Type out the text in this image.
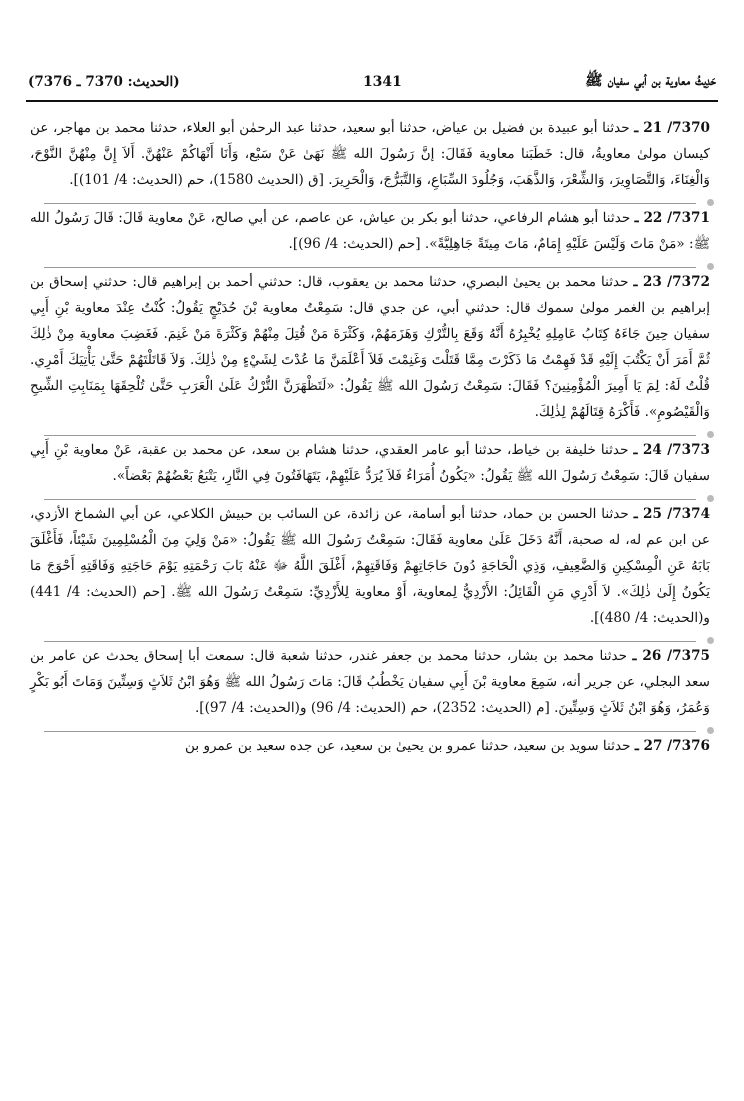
(الحديث: 7370 ـ 7376)	1341	حَدِيثُ معاوية بن أبي سفيان ﷺ
7370/ 21 ـ حدثنا أبو عبيدة بن فضيل بن عياض، حدثنا أبو سعيد، حدثنا عبد الرحمٰن أبو العلاء، حدثنا محمد بن مهاجر، عن كيسان مولىٰ معاويةُ، قال: خَطَبَنا معاوية فَقَالَ: إنَّ رَسُولَ الله ﷺ نَهَىٰ عَنْ سَبْع، وَأَنَا أَنْهَاكُمْ عَنْهُنَّ. أَلاَ إِنَّ مِنْهُنَّ النَّوْحَ، وَالْغِنَاءَ، وَالتَّصَاوِيرَ، وَالشِّعْرَ، وَالذَّهَبَ، وَجُلُودَ السِّبَاعِ، وَالتَّبَرُّجَ، وَالْحَرِيرَ. [ق (الحديث 1580)، حم (الحديث: 4/ 101)].
7371/ 22 ـ حدثنا أبو هشام الرفاعي، حدثنا أبو بكر بن عياش، عن عاصم، عن أبي صالح، عَنْ معاوية قَالَ: قَالَ رَسُولُ الله ﷺ: «مَنْ مَاتَ وَلَيْسَ عَلَيْهِ إِمَامٌ، مَاتَ مِيتَةً جَاهِلِيَّةً». [حم (الحديث: 4/ 96)].
7372/ 23 ـ حدثنا محمد بن يحيىٰ البصري، حدثنا محمد بن يعقوب، قال: حدثني أحمد بن إبراهيم قال: حدثني إسحاق بن إبراهيم بن الغمر مولىٰ سموك قال: حدثني أبي، عن جدي قال: سَمِعْتُ معاوية بْنَ حُدَيْجٍ يَقُولُ: كُنْتُ عِنْدَ معاوية بْنِ أَبِي سفيان حِينَ جَاءَهُ كِتَابُ عَامِلِهِ يُخْبِرُهُ أَنَّهُ وَقَعَ بِالتُّرْكِ وَهَزَمَهُمْ، وَكَثْرَةَ مَنْ قُتِلَ مِنْهُمْ وَكَثْرَةَ مَنْ غَنِمَ. فَغَضِبَ معاوية مِنْ ذٰلِكَ ثُمَّ أَمَرَ أَنْ يَكْتُبَ إِلَيْهِ قَدْ فَهِمْتُ مَا ذَكَرْتَ مِمَّا قَتَلْتَ وَغَنِمْتَ فَلاَ أَعْلَمَنَّ مَا عُدْتَ لِشَيْءٍ مِنْ ذٰلِكَ. وَلاَ قَاتَلْتَهُمْ حَتَّىٰ يَأْتِيَكَ أَمْرِي. قُلْتُ لَهُ: لِمَ يَا أَمِيرَ الْمُؤْمِنِينَ؟ فَقَالَ: سَمِعْتُ رَسُولَ الله ﷺ يَقُولُ: «لَتَظْهَرَنَّ التُّرْكُ عَلَىٰ الْعَرَبِ حَتَّىٰ تُلْحِقَهَا بِمَنَابِتِ الشِّيحِ وَالْقَيْصُومِ». فَأَكْرَهُ قِتَالَهُمْ لِذٰلِكَ.
7373/ 24 ـ حدثنا خليفة بن خياط، حدثنا أبو عامر العقدي، حدثنا هشام بن سعد، عن محمد بن عقبة، عَنْ معاوية بْنِ أَبِي سفيان قَالَ: سَمِعْتُ رَسُولَ الله ﷺ يَقُولُ: «يَكُونُ أُمَرَاءُ فَلاَ يُرَدُّ عَلَيْهِمْ، يَتَهَافَتُونَ فِي النَّارِ، يَتْبَعُ بَعْضُهُمْ بَعْضاً».
7374/ 25 ـ حدثنا الحسن بن حماد، حدثنا أبو أسامة، عن زائدة، عن السائب بن حبيش الكلاعي، عن أبي الشماخ الأزدي، عن ابن عم له، له صحبة، أَنَّهُ دَخَلَ عَلَىٰ معاوية فَقَالَ: سَمِعْتُ رَسُولَ الله ﷺ يَقُولُ: «مَنْ وَلِيَ مِنَ الْمُسْلِمِينَ شَيْئاً، فَأَغْلَقَ بَابَهُ عَنِ الْمِسْكِينِ وَالضَّعِيفِ، وَذِي الْحَاجَةِ دُونَ حَاجَاتِهِمْ وَفَاقَتِهِمْ، أَغْلَقَ اللَّهُ ﷻ عَنْهُ بَابَ رَحْمَتِهِ يَوْمَ حَاجَتِهِ وَفَاقَتِهِ أَحْوَجَ مَا يَكُونُ إِلَىٰ ذٰلِكَ». لاَ أَدْرِي مَنِ الْقَائِلُ: الأَزْدِيُّ لِمعاوية، أَوْ معاوية لِلأَزْدِيِّ: سَمِعْتُ رَسُولَ الله ﷺ. [حم (الحديث: 4/ 441) و(الحديث: 4/ 480)].
7375/ 26 ـ حدثنا محمد بن بشار، حدثنا محمد بن جعفر غندر، حدثنا شعبة قال: سمعت أبا إسحاق يحدث عن عامر بن سعد البجلي، عن جرير أنه، سَمِعَ معاوية بْنَ أَبِي سفيان يَخْطُبُ قَالَ: مَاتَ رَسُولُ الله ﷺ وَهُوَ ابْنُ ثَلاَثٍ وَسِتِّينَ وَمَاتَ أَبُو بَكْرٍ وَعُمَرُ، وَهُوَ ابْنُ ثَلاَثٍ وَسِتِّينَ. [م (الحديث: 2352)، حم (الحديث: 4/ 96) و(الحديث: 4/ 97)].
7376/ 27 ـ حدثنا سويد بن سعيد، حدثنا عمرو بن يحيىٰ بن سعيد، عن جده سعيد بن عمرو بن
